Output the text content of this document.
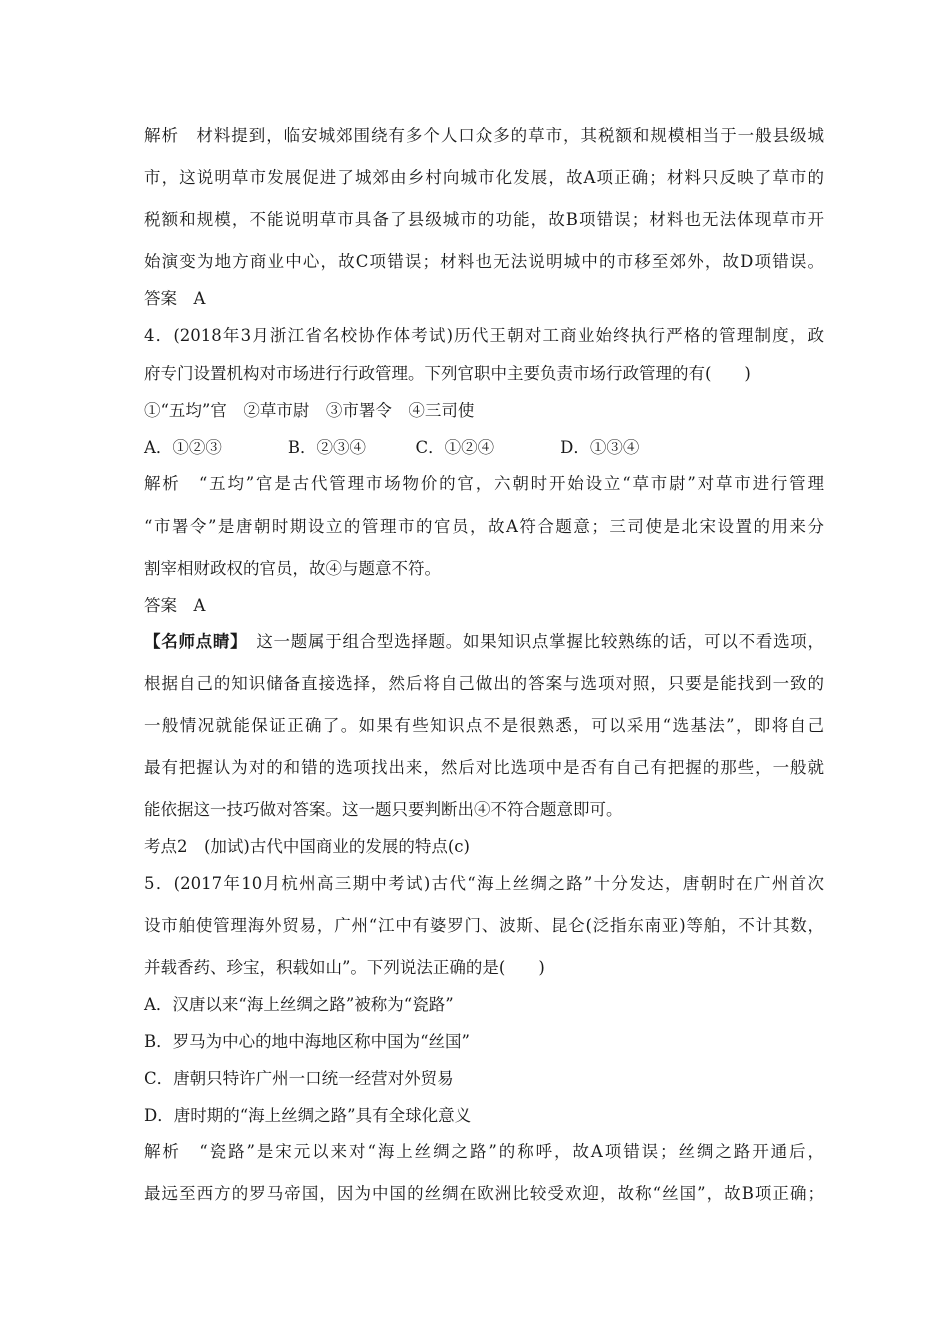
解析　材料提到，临安城郊围绕有多个人口众多的草市，其税额和规模相当于一般县级城
市，这说明草市发展促进了城郊由乡村向城市化发展，故A项正确；材料只反映了草市的
税额和规模，不能说明草市具备了县级城市的功能，故B项错误；材料也无法体现草市开
始演变为地方商业中心，故C项错误；材料也无法说明城中的市移至郊外，故D项错误。
答案　A
4．(2018年3月浙江省名校协作体考试)历代王朝对工商业始终执行严格的管理制度，政
府专门设置机构对市场进行行政管理。下列官职中主要负责市场行政管理的有(　　)
①“五均”官　②草市尉　③市署令　④三司使
A．①②③　　　　B．②③④　　　C．①②④　　　　D．①③④
解析　“五均”官是古代管理市场物价的官，六朝时开始设立“草市尉”对草市进行管理
“市署令”是唐朝时期设立的管理市的官员，故A符合题意；三司使是北宋设置的用来分
割宰相财政权的官员，故④与题意不符。
答案　A
【名师点睛】　这一题属于组合型选择题。如果知识点掌握比较熟练的话，可以不看选项，
根据自己的知识储备直接选择，然后将自己做出的答案与选项对照，只要是能找到一致的
一般情况就能保证正确了。如果有些知识点不是很熟悉，可以采用“选基法”，即将自己
最有把握认为对的和错的选项找出来，然后对比选项中是否有自己有把握的那些，一般就
能依据这一技巧做对答案。这一题只要判断出④不符合题意即可。
考点2　(加试)古代中国商业的发展的特点(c)
5．(2017年10月杭州高三期中考试)古代“海上丝绸之路”十分发达，唐朝时在广州首次
设市舶使管理海外贸易，广州“江中有婆罗门、波斯、昆仑(泛指东南亚)等舶，不计其数，
并载香药、珍宝，积载如山”。下列说法正确的是(　　)
A．汉唐以来“海上丝绸之路”被称为“瓷路”
B．罗马为中心的地中海地区称中国为“丝国”
C．唐朝只特许广州一口统一经营对外贸易
D．唐时期的“海上丝绸之路”具有全球化意义
解析　“瓷路”是宋元以来对“海上丝绸之路”的称呼，故A项错误；丝绸之路开通后，
最远至西方的罗马帝国，因为中国的丝绸在欧洲比较受欢迎，故称“丝国”，故B项正确；
